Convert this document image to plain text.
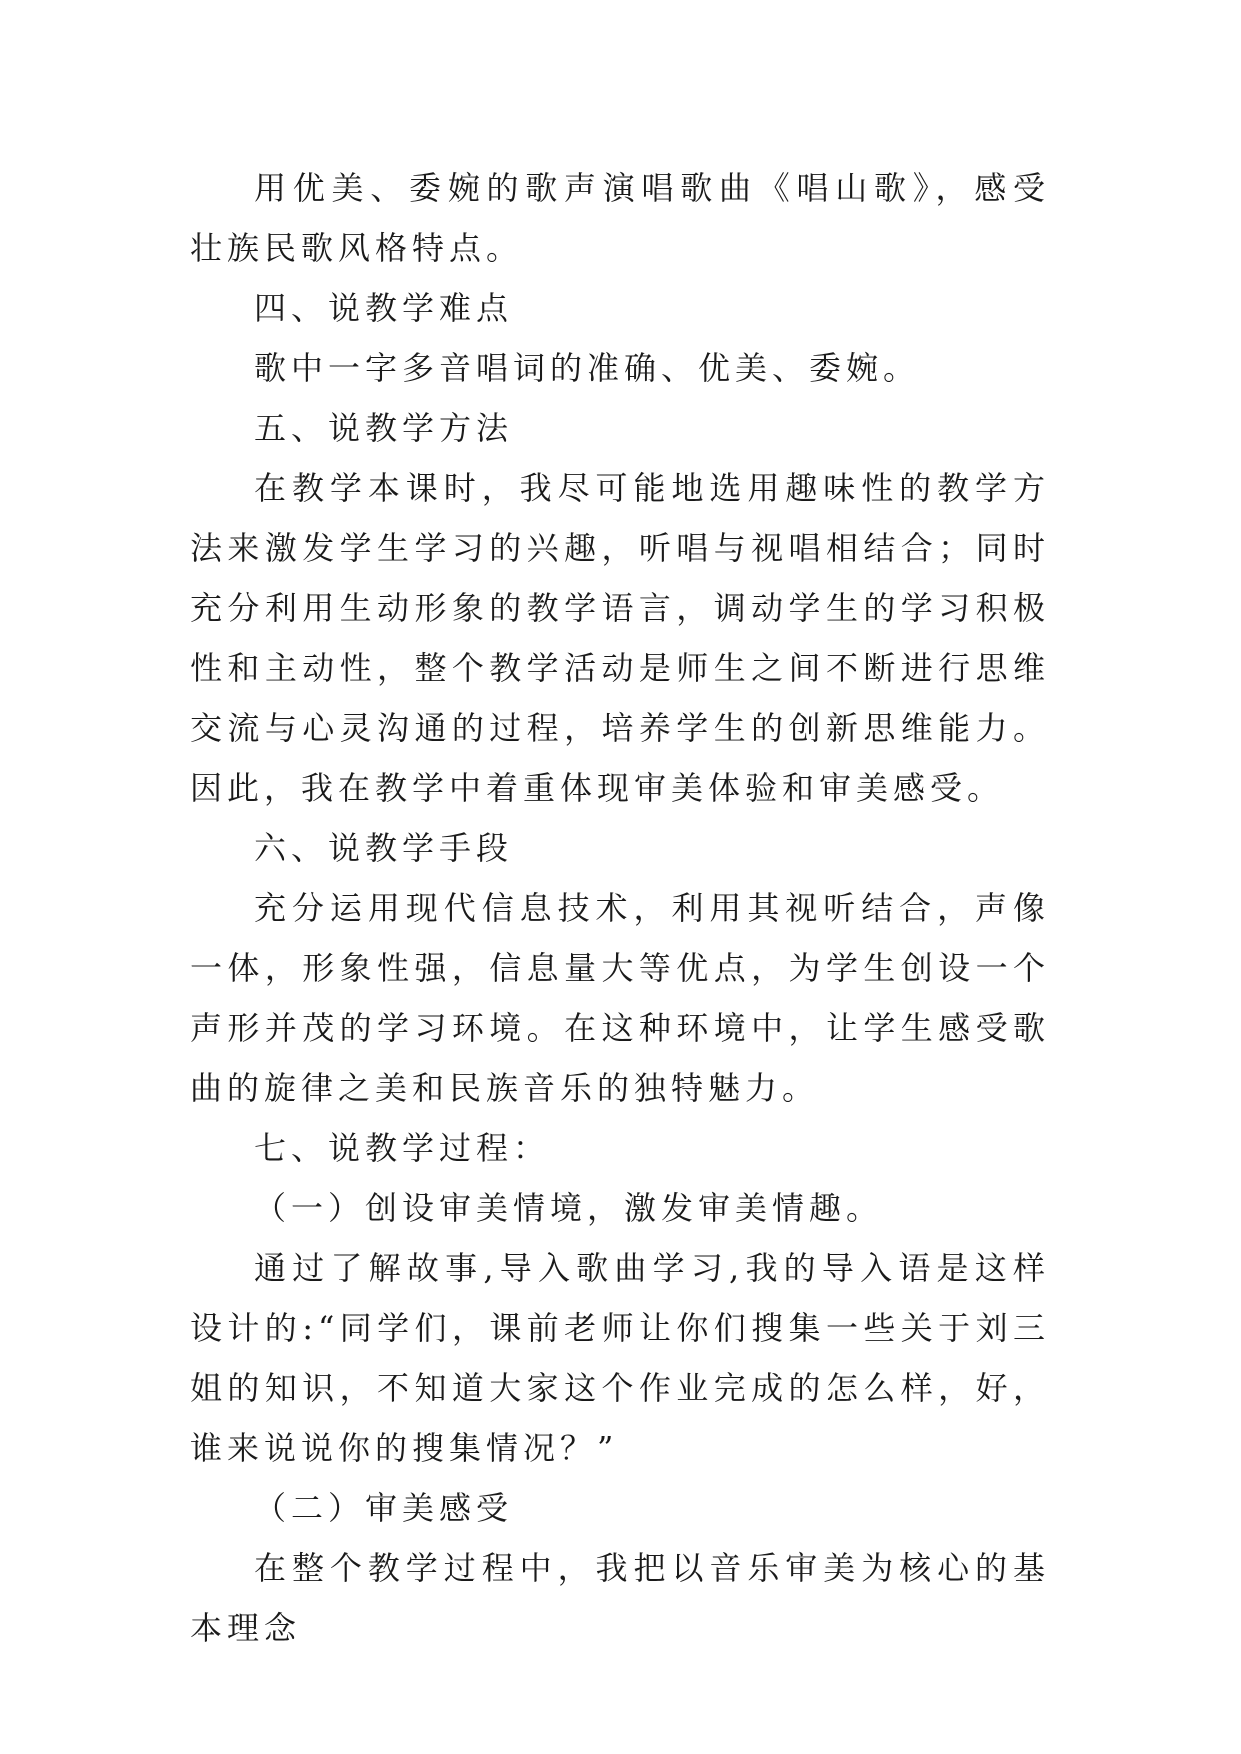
用优美、委婉的歌声演唱歌曲《唱山歌》，感受壮族民歌风格特点。

四、说教学难点

歌中一字多音唱词的准确、优美、委婉。

五、说教学方法

在教学本课时，我尽可能地选用趣味性的教学方法来激发学生学习的兴趣，听唱与视唱相结合；同时充分利用生动形象的教学语言，调动学生的学习积极性和主动性，整个教学活动是师生之间不断进行思维交流与心灵沟通的过程，培养学生的创新思维能力。因此，我在教学中着重体现审美体验和审美感受。

六、说教学手段

充分运用现代信息技术，利用其视听结合，声像一体，形象性强，信息量大等优点，为学生创设一个声形并茂的学习环境。在这种环境中，让学生感受歌曲的旋律之美和民族音乐的独特魅力。

七、说教学过程：

（一）创设审美情境，激发审美情趣。

通过了解故事,导入歌曲学习,我的导入语是这样设计的:“同学们，课前老师让你们搜集一些关于刘三姐的知识，不知道大家这个作业完成的怎么样，好，谁来说说你的搜集情况？”

（二）审美感受

在整个教学过程中，我把以音乐审美为核心的基本理念
